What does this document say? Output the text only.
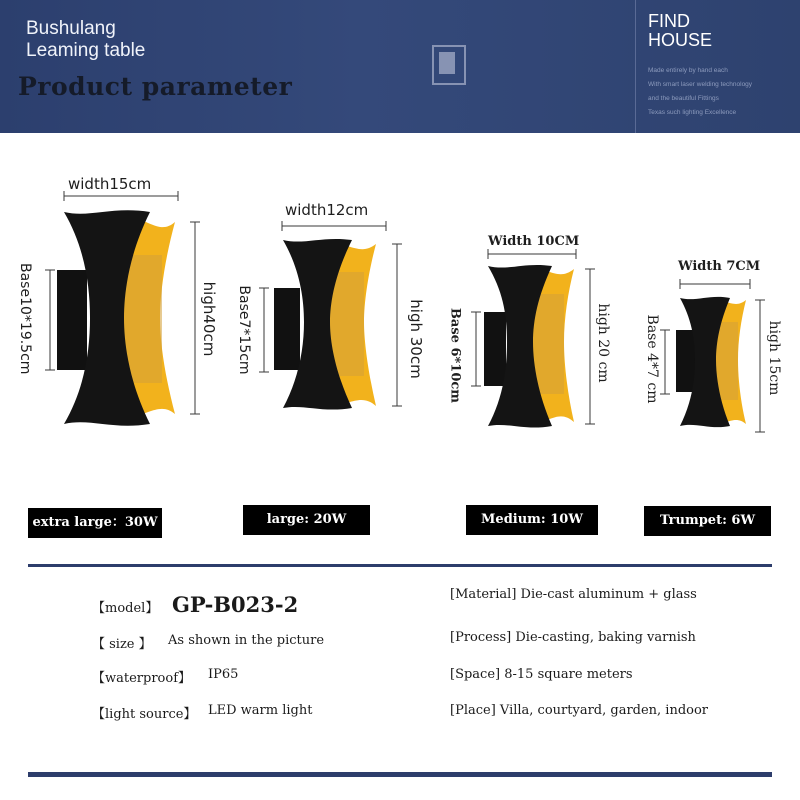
Bushulang
Leaming table
Product parameter
FIND
HOUSE
Made entirely by hand each
With smart laser welding technology
and the beautiful Fittings
Texas such lighting Excellence
width15cm
Base10*19.5cm	high40cm
width12cm
Base7*15cm	high 30cm
Width 10CM
Base 6*10cm	high 20 cm
Width 7CM
Base 4*7 cm	high 15cm
extra large：30W	large: 20W	Medium: 10W	Trumpet: 6W
【model】 GP-B023-2
【 size 】 As shown in the picture
【waterproof】 IP65
【light source】 LED warm light
[Material] Die-cast aluminum + glass
[Process] Die-casting, baking varnish
[Space] 8-15 square meters
[Place] Villa, courtyard, garden, indoor
